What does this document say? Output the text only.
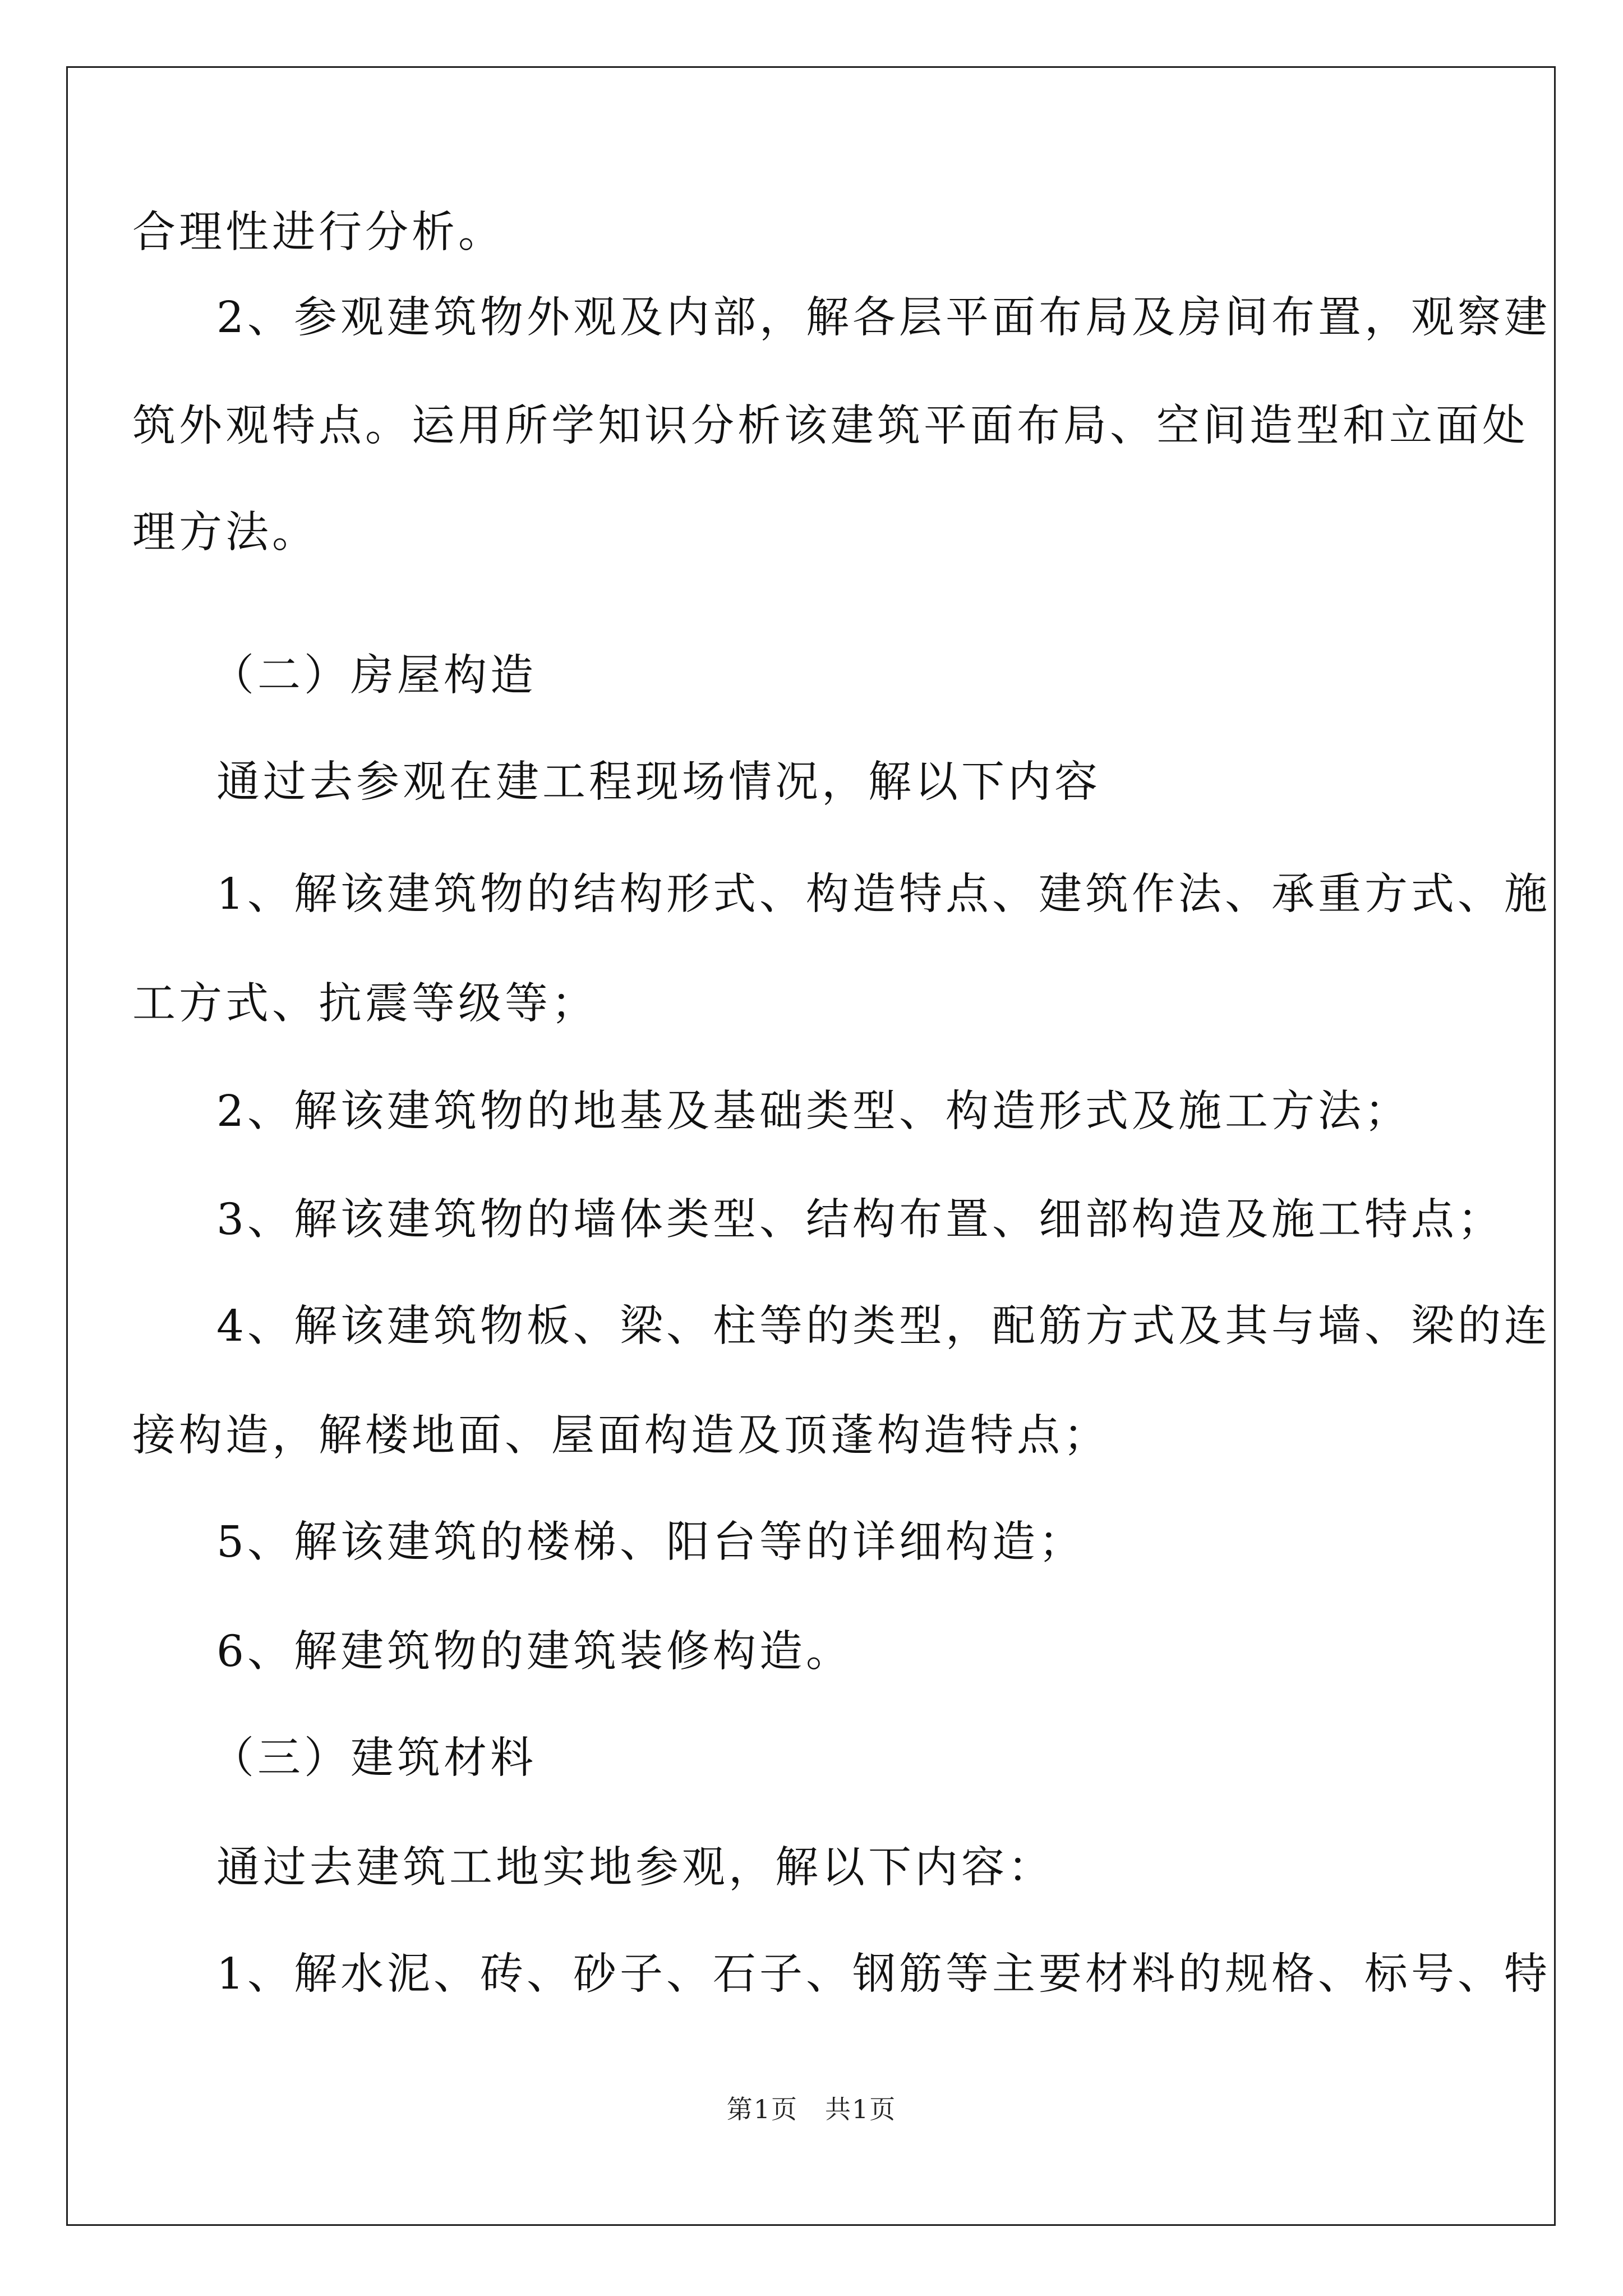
合理性进行分析。

2、参观建筑物外观及内部，解各层平面布局及房间布置，观察建

筑外观特点。运用所学知识分析该建筑平面布局、空间造型和立面处

理方法。

（二）房屋构造

通过去参观在建工程现场情况，解以下内容

1、解该建筑物的结构形式、构造特点、建筑作法、承重方式、施

工方式、抗震等级等；

2、解该建筑物的地基及基础类型、构造形式及施工方法；

3、解该建筑物的墙体类型、结构布置、细部构造及施工特点；

4、解该建筑物板、梁、柱等的类型，配筋方式及其与墙、梁的连

接构造，解楼地面、屋面构造及顶蓬构造特点；

5、解该建筑的楼梯、阳台等的详细构造；

6、解建筑物的建筑装修构造。

（三）建筑材料

通过去建筑工地实地参观，解以下内容：

1、解水泥、砖、砂子、石子、钢筋等主要材料的规格、标号、特

第1页　共1页
